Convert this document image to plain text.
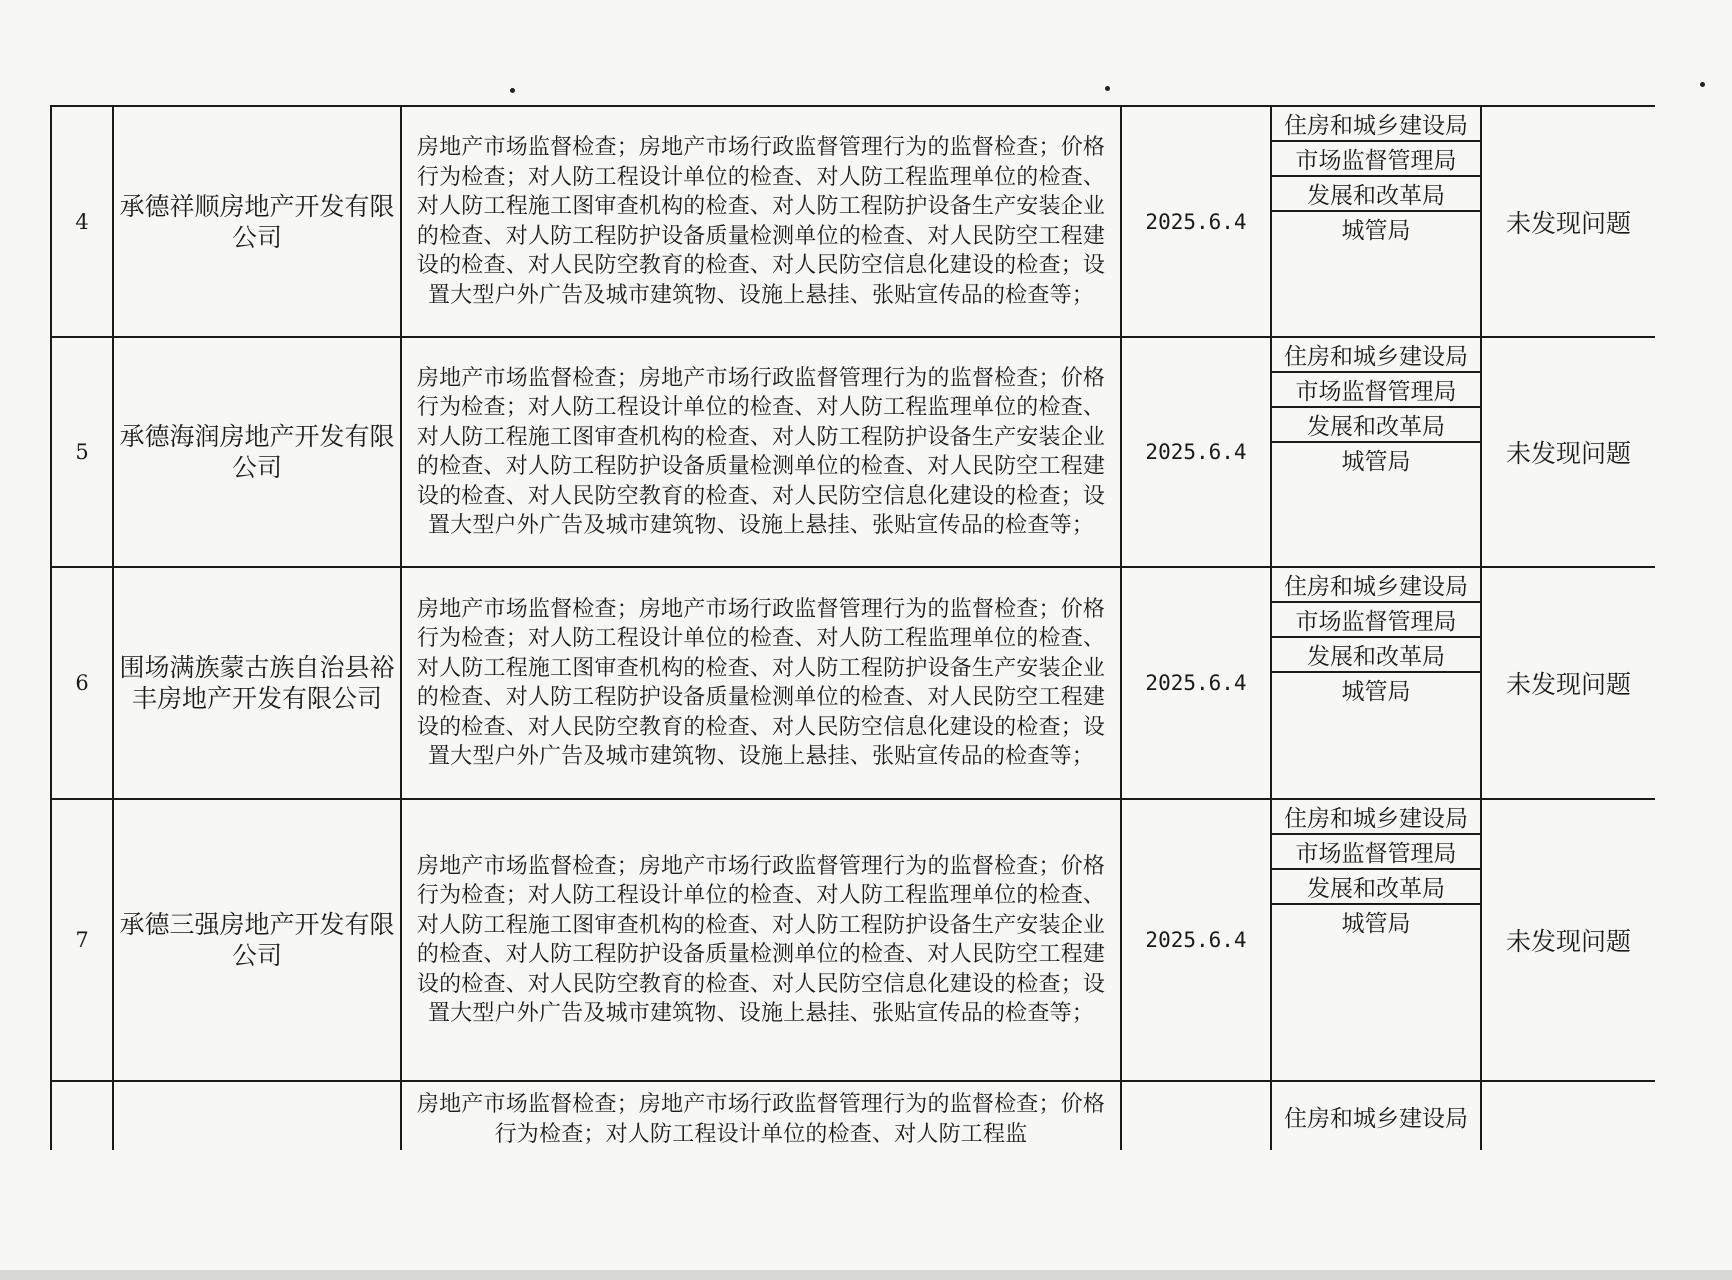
4	承德祥顺房地产开发有限公司	房地产市场监督检查；房地产市场行政监督管理行为的监督检查；价格行为检查；对人防工程设计单位的检查、对人防工程监理单位的检查、对人防工程施工图审查机构的检查、对人防工程防护设备生产安装企业的检查、对人防工程防护设备质量检测单位的检查、对人民防空工程建设的检查、对人民防空教育的检查、对人民防空信息化建设的检查；设置大型户外广告及城市建筑物、设施上悬挂、张贴宣传品的检查等；	2025.6.4	住房和城乡建设局
市场监督管理局
发展和改革局
城管局	未发现问题
5	承德海润房地产开发有限公司	房地产市场监督检查；房地产市场行政监督管理行为的监督检查；价格行为检查；对人防工程设计单位的检查、对人防工程监理单位的检查、对人防工程施工图审查机构的检查、对人防工程防护设备生产安装企业的检查、对人防工程防护设备质量检测单位的检查、对人民防空工程建设的检查、对人民防空教育的检查、对人民防空信息化建设的检查；设置大型户外广告及城市建筑物、设施上悬挂、张贴宣传品的检查等；	2025.6.4	住房和城乡建设局
市场监督管理局
发展和改革局
城管局	未发现问题
6	围场满族蒙古族自治县裕丰房地产开发有限公司	房地产市场监督检查；房地产市场行政监督管理行为的监督检查；价格行为检查；对人防工程设计单位的检查、对人防工程监理单位的检查、对人防工程施工图审查机构的检查、对人防工程防护设备生产安装企业的检查、对人防工程防护设备质量检测单位的检查、对人民防空工程建设的检查、对人民防空教育的检查、对人民防空信息化建设的检查；设置大型户外广告及城市建筑物、设施上悬挂、张贴宣传品的检查等；	2025.6.4	住房和城乡建设局
市场监督管理局
发展和改革局
城管局	未发现问题
7	承德三强房地产开发有限公司	房地产市场监督检查；房地产市场行政监督管理行为的监督检查；价格行为检查；对人防工程设计单位的检查、对人防工程监理单位的检查、对人防工程施工图审查机构的检查、对人防工程防护设备生产安装企业的检查、对人防工程防护设备质量检测单位的检查、对人民防空工程建设的检查、对人民防空教育的检查、对人民防空信息化建设的检查；设置大型户外广告及城市建筑物、设施上悬挂、张贴宣传品的检查等；	2025.6.4	住房和城乡建设局
市场监督管理局
发展和改革局
城管局	未发现问题
		房地产市场监督检查；房地产市场行政监督管理行为的监督检查；价格行为检查；对人防工程设计单位的检查、对人防工程监		住房和城乡建设局	
